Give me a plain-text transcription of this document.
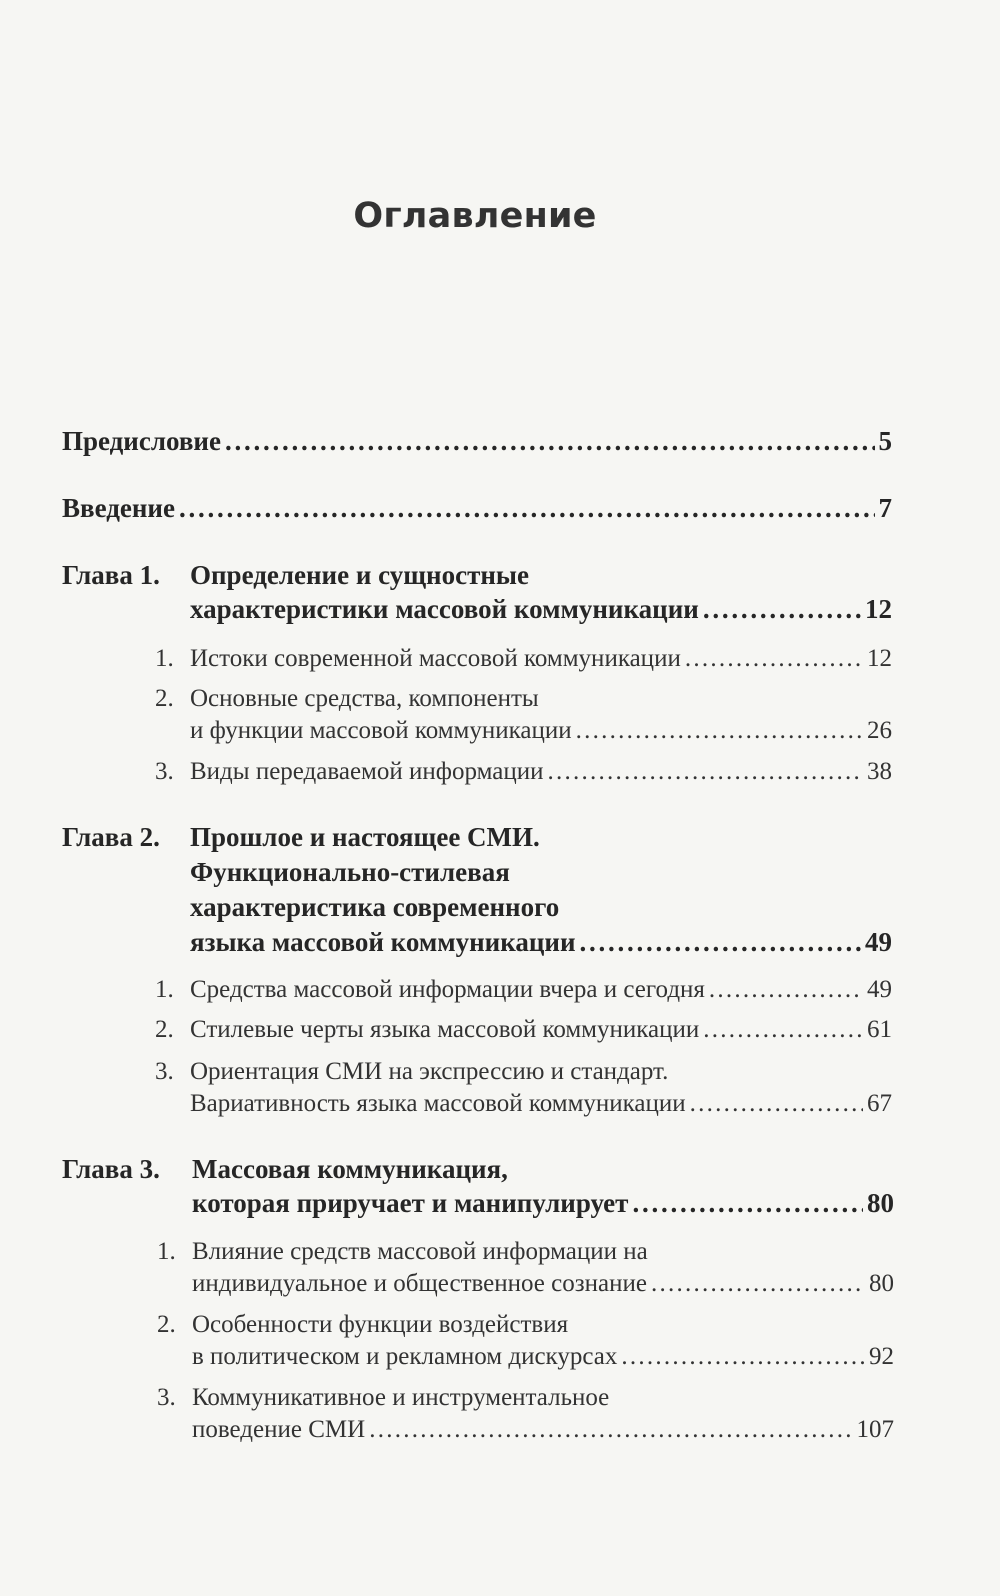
Оглавление
Предисловие . . .	5
Введение . . .	7
Глава 1. Определение и сущностные
характеристики массовой коммуникации . . .	12
1. Истоки современной массовой коммуникации . . .	12
2. Основные средства, компоненты
и функции массовой коммуникации . . .	26
3. Виды передаваемой информации . . .	38
Глава 2. Прошлое и настоящее СМИ.
Функционально-стилевая
характеристика современного
языка массовой коммуникации . . .	49
1. Средства массовой информации вчера и сегодня . . .	49
2. Стилевые черты языка массовой коммуникации . . .	61
3. Ориентация СМИ на экспрессию и стандарт.
Вариативность языка массовой коммуникации . . .	67
Глава 3. Массовая коммуникация,
которая приручает и манипулирует . . .	80
1. Влияние средств массовой информации на
индивидуальное и общественное сознание . . .	80
2. Особенности функции воздействия
в политическом и рекламном дискурсах . . .	92
3. Коммуникативное и инструментальное
поведение СМИ . . .	107
